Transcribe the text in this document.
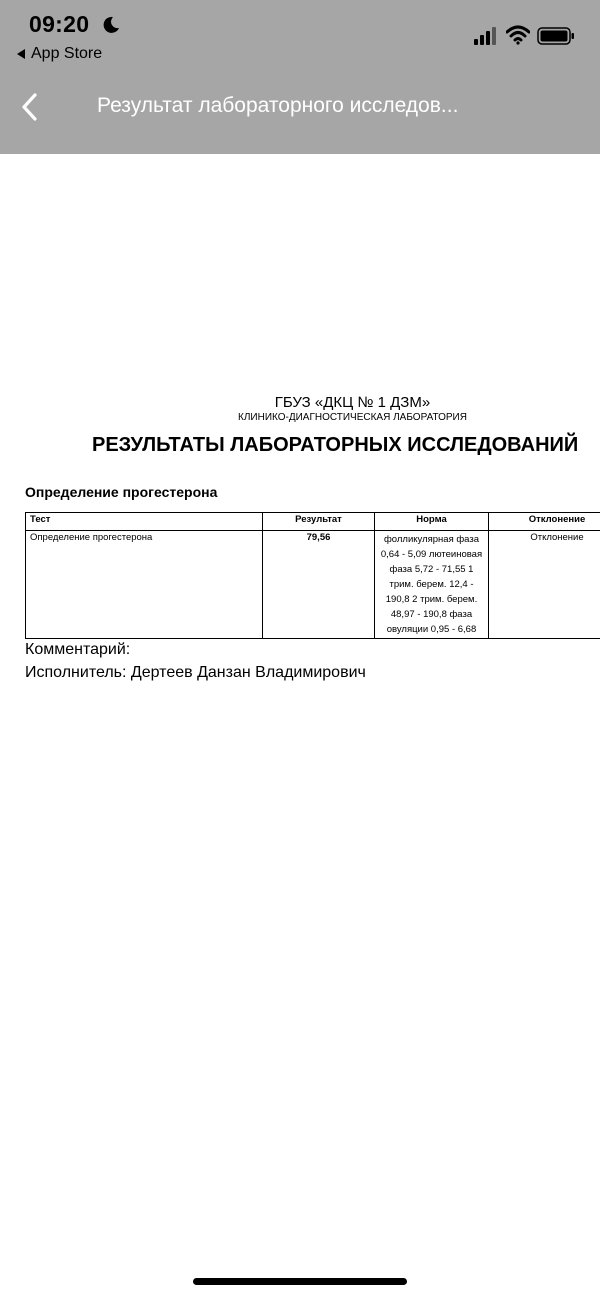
09:20
App Store
Результат лабораторного исследов...
ГБУЗ «ДКЦ № 1 ДЗМ»
КЛИНИКО-ДИАГНОСТИЧЕСКАЯ ЛАБОРАТОРИЯ
РЕЗУЛЬТАТЫ ЛАБОРАТОРНЫХ ИССЛЕДОВАНИЙ
Определение прогестерона
Тест	Результат	Норма	Отклонение
Определение прогестерона	79,56	фолликулярная фаза 0,64 - 5,09 лютеиновая фаза 5,72 - 71,55 1 трим. берем. 12,4 - 190,8 2 трим. берем. 48,97 - 190,8 фаза овуляции 0,95 - 6,68	Отклонение
Комментарий:
Исполнитель: Дертеев Данзан Владимирович
